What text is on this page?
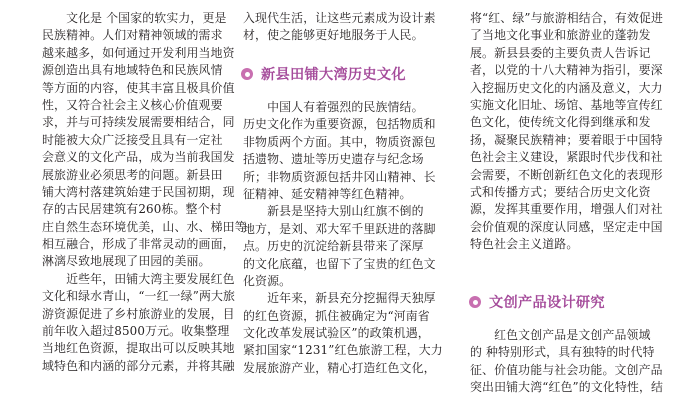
　　文化是 个国家的软实力，更是
民族精神。人们对精神领域的需求
越来越多，如何通过开发利用当地资
源创造出具有地域特色和民族风情
等方面的内容，使其丰富且极具价值
性，又符合社会主义核心价值观要
求，并与可持续发展需要相结合，同
时能被大众广泛接受且具有一定社
会意义的文化产品，成为当前我国发
展旅游业必须思考的问题。新县田
铺大湾村落建筑始建于民国初期，现
存的古民居建筑有260栋。整个村
庄自然生态环境优美，山、水、梯田等
相互融合，形成了非常灵动的画面，
淋漓尽致地展现了田园的美丽。
　　近些年，田铺大湾主要发展红色
文化和绿水青山，“一红一绿”两大旅
游资源促进了乡村旅游业的发展，目
前年收入超过8500万元。收集整理
当地红色资源，提取出可以反映其地
域特色和内涵的部分元素，并将其融
入现代生活，让这些元素成为设计素
材，使之能够更好地服务于人民。
新县田铺大湾历史文化
　　中国人有着强烈的民族情结。
历史文化作为重要资源，包括物质和
非物质两个方面。其中，物质资源包
括遗物、遗址等历史遗存与纪念场
所；非物质资源包括井冈山精神、长
征精神、延安精神等红色精神。
　　新县是坚持大别山红旗不倒的
地方，是刘、邓大军千里跃进的落脚
点。历史的沉淀给新县带来了深厚
的文化底蕴，也留下了宝贵的红色文
化资源。
　　近年来，新县充分挖掘得天独厚
的红色资源，抓住被确定为“河南省
文化改革发展试验区”的政策机遇，
紧扣国家“1231”红色旅游工程，大力
发展旅游产业，精心打造红色文化，
将“红、绿”与旅游相结合，有效促进
了当地文化事业和旅游业的蓬勃发
展。新县县委的主要负责人告诉记
者，以党的十八大精神为指引，要深
入挖掘历史文化的内涵及意义，大力
实施文化旧址、场馆、基地等宣传红
色文化，使传统文化得到继承和发
扬，凝聚民族精神；要着眼于中国特
色社会主义建设，紧跟时代步伐和社
会需要，不断创新红色文化的表现形
式和传播方式；要结合历史文化资
源，发挥其重要作用，增强人们对社
会价值观的深度认同感，坚定走中国
特色社会主义道路。
文创产品设计研究
　　红色文创产品是文创产品领域
的 种特别形式，具有独特的时代特
征、价值功能与社会功能。文创产品
突出田铺大湾“红色”的文化特性，结
